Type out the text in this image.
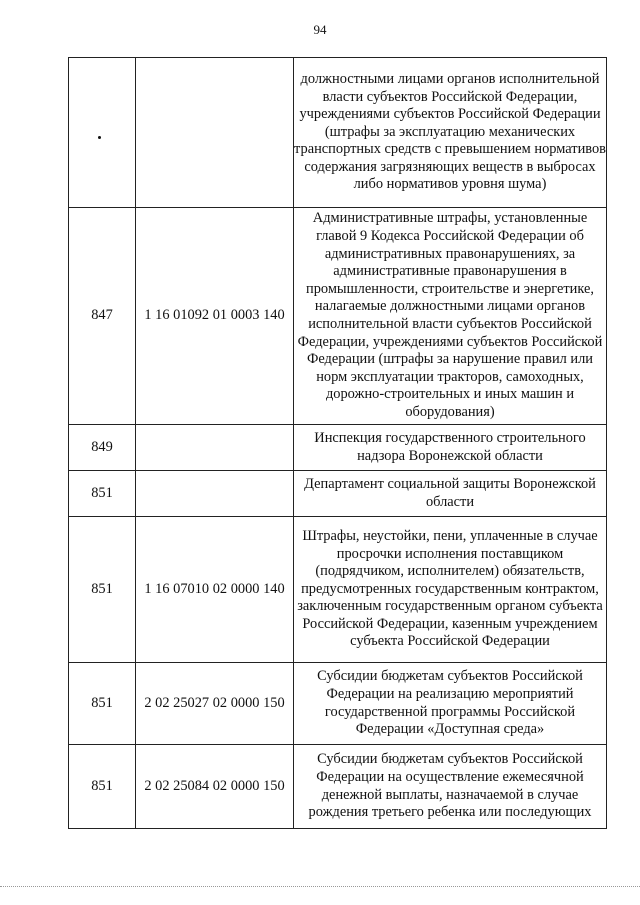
94
		должностными лицами органов исполнительной власти субъектов Российской Федерации, учреждениями субъектов Российской Федерации (штрафы за эксплуатацию механических транспортных средств с превышением нормативов содержания загрязняющих веществ в выбросах либо нормативов уровня шума)
847	1 16 01092 01 0003 140	Административные штрафы, установленные главой 9 Кодекса Российской Федерации об административных правонарушениях, за административные правонарушения в промышленности, строительстве и энергетике, налагаемые должностными лицами органов исполнительной власти субъектов Российской Федерации, учреждениями субъектов Российской Федерации (штрафы за нарушение правил или норм эксплуатации тракторов, самоходных, дорожно-строительных и иных машин и оборудования)
849		Инспекция государственного строительного надзора Воронежской области
851		Департамент социальной защиты Воронежской области
851	1 16 07010 02 0000 140	Штрафы, неустойки, пени, уплаченные в случае просрочки исполнения поставщиком (подрядчиком, исполнителем) обязательств, предусмотренных государственным контрактом, заключенным государственным органом субъекта Российской Федерации, казенным учреждением субъекта Российской Федерации
851	2 02 25027 02 0000 150	Субсидии бюджетам субъектов Российской Федерации на реализацию мероприятий государственной программы Российской Федерации «Доступная среда»
851	2 02 25084 02 0000 150	Субсидии бюджетам субъектов Российской Федерации на осуществление ежемесячной денежной выплаты, назначаемой в случае рождения третьего ребенка или последующих
